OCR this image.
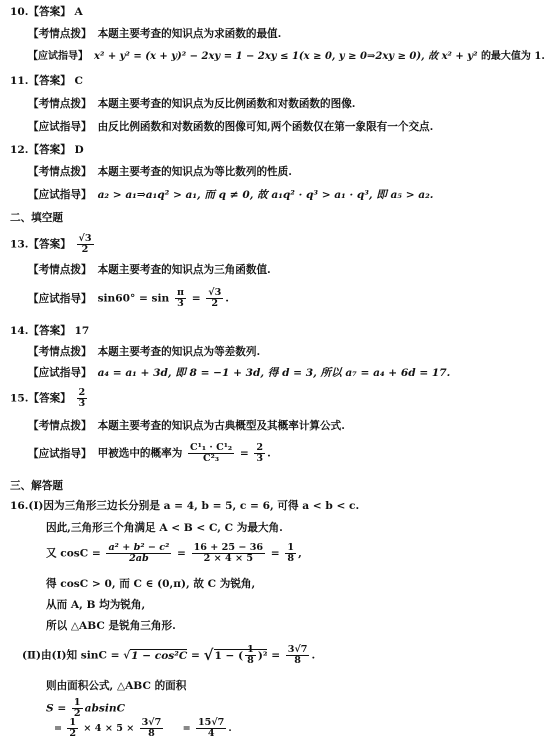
10.【答案】 A
【考情点拨】 本题主要考查的知识点为求函数的最值.
【应试指导】 x² + y² = (x + y)² − 2xy = 1 − 2xy ≤ 1(x ≥ 0, y ≥ 0⇒2xy ≥ 0), 故 x² + y² 的最大值为 1.
11.【答案】 C
【考情点拨】 本题主要考查的知识点为反比例函数和对数函数的图像.
【应试指导】 由反比例函数和对数函数的图像可知,两个函数仅在第一象限有一个交点.
12.【答案】 D
【考情点拨】 本题主要考查的知识点为等比数列的性质.
【应试指导】 a₂ > a₁⇒a₁q² > a₁, 而 q ≠ 0, 故 a₁q² · q³ > a₁ · q³, 即 a₅ > a₂.
二、填空题
13.【答案】 $\frac{√3}{2}$
【考情点拨】 本题主要考查的知识点为三角函数值.
【应试指导】 $\sin 60^\circ = \sin \frac{\pi}{3} = \frac{√3}{2}$ .
14.【答案】 17
【考情点拨】 本题主要考查的知识点为等差数列.
【应试指导】 a₄ = a₁ + 3d, 即 8 = −1 + 3d, 得 d = 3, 所以 a₇ = a₄ + 6d = 17.
15.【答案】 $\frac{2}{3}$
【考情点拨】 本题主要考查的知识点为古典概型及其概率计算公式.
【应试指导】 甲被选中的概率为 $\frac{\text{C¹₁ · C¹₂}}{\text{C²₃}} = \frac{2}{3}$ .
三、解答题
16.(Ⅰ)因为三角形三边长分别是 a = 4, b = 5, c = 6, 可得 a < b < c.
因此,三角形三个角满足 A < B < C, C 为最大角.
又 $\cos C = \frac{\text{a² + b² − c²}}{2ab} = \frac{16 + 25 - 36}{2 \times 4 \times 5} = \frac{1}{8}$ ,
得 cosC > 0, 而 C ∈ (0,π), 故 C 为锐角,
从而 A, B 均为锐角,
所以 △ABC 是锐角三角形.
(Ⅱ)由(Ⅰ)知 sinC = √1 − cos²C = √1 − ( $\frac{1}{8} )^2 = \frac{3√7}{8}$ .
则由面积公式, △ABC 的面积
$S = \frac{1}{2}$ absinC
= $\frac{1}{2} \times 4 \times 5 \times \frac{3√7}{8} = \frac{15√7}{4}$ .
